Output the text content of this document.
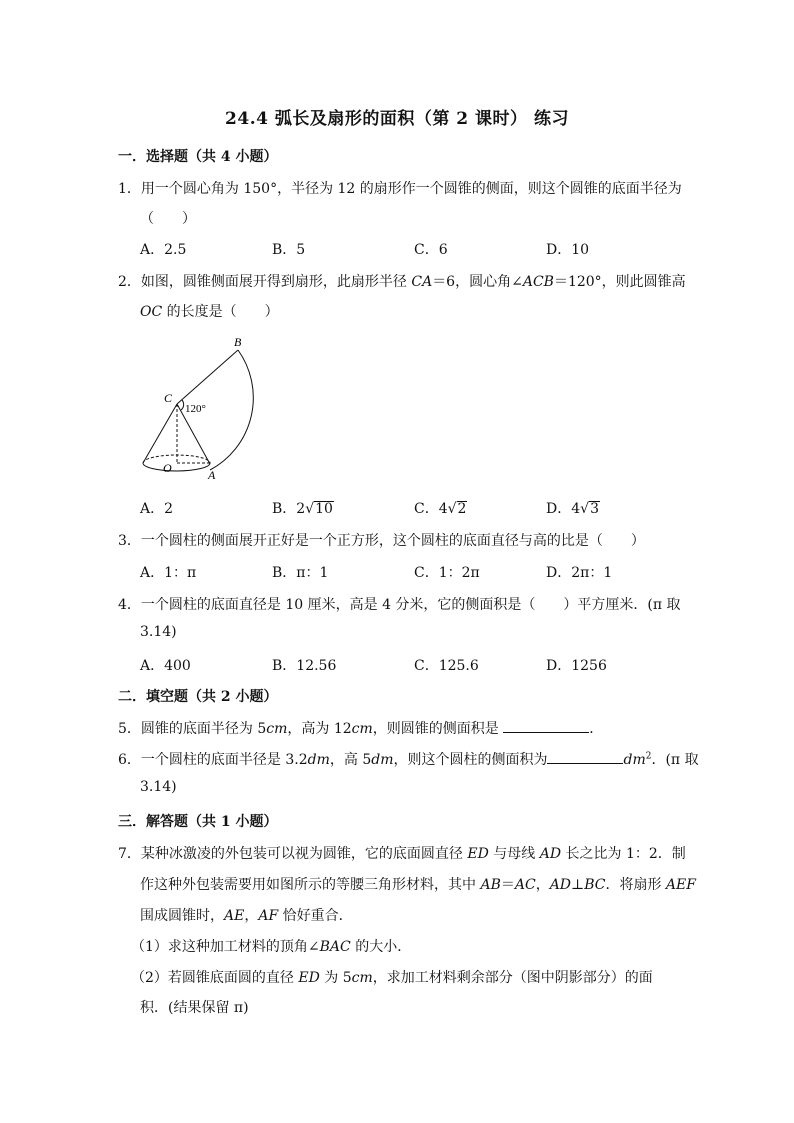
24.4 弧长及扇形的面积（第 2 课时） 练习
一．选择题（共 4 小题）
1．用一个圆心角为 150°，半径为 12 的扇形作一个圆锥的侧面，则这个圆锥的底面半径为
（　　）
A．2.5	B．5	C．6	D．10
2．如图，圆锥侧面展开得到扇形，此扇形半径 CA＝6，圆心角∠ACB＝120°，则此圆锥高
OC 的长度是（　　）
B
C
120°
O	A
A．2	B．2√10	C．4√2	D．4√3
3．一个圆柱的侧面展开正好是一个正方形，这个圆柱的底面直径与高的比是（　　）
A．1：π	B．π：1	C．1：2π	D．2π：1
4．一个圆柱的底面直径是 10 厘米，高是 4 分米，它的侧面积是（　　）平方厘米．(π 取
3.14)
A．400	B．12.56	C．125.6	D．1256
二．填空题（共 2 小题）
5．圆锥的底面半径为 5cm，高为 12cm，则圆锥的侧面积是	．
6．一个圆柱的底面半径是 3.2dm，高 5dm，则这个圆柱的侧面积为	$dm^2$．(π 取
3.14)
三．解答题（共 1 小题）
7．某种冰激凌的外包装可以视为圆锥，它的底面圆直径 ED 与母线 AD 长之比为 1：2．制
作这种外包装需要用如图所示的等腰三角形材料，其中 AB＝AC，AD⊥BC．将扇形 AEF
围成圆锥时，AE，AF 恰好重合．
（1）求这种加工材料的顶角∠BAC 的大小．
（2）若圆锥底面圆的直径 ED 为 5cm，求加工材料剩余部分（图中阴影部分）的面
积．(结果保留 π)
